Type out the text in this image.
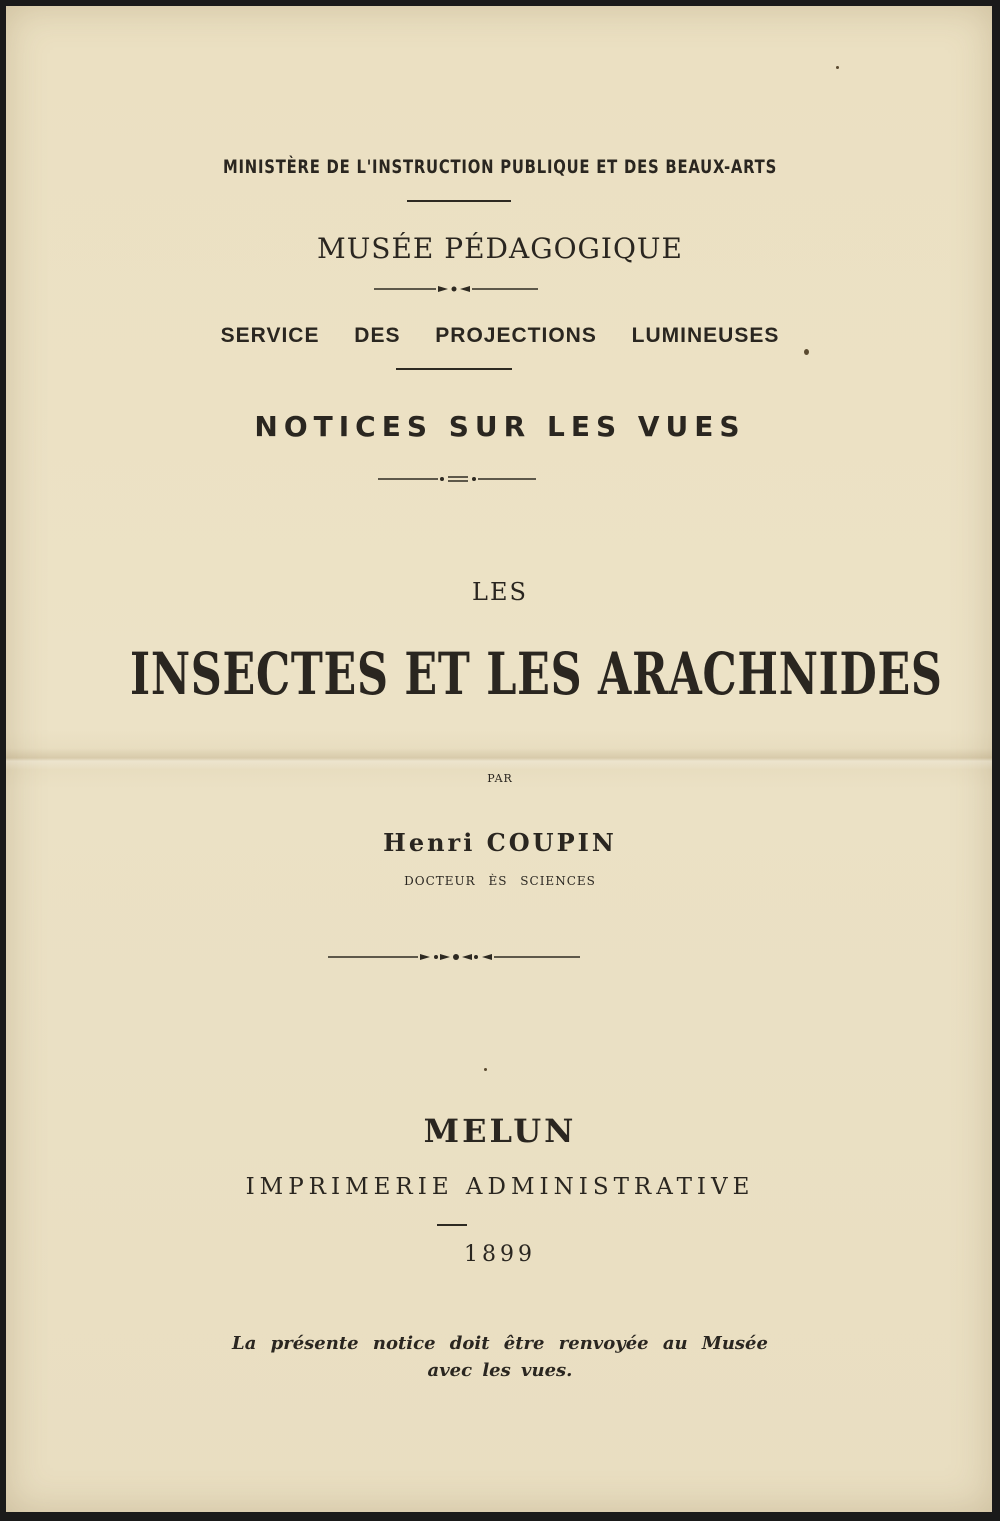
MINISTÈRE DE L'INSTRUCTION PUBLIQUE ET DES BEAUX-ARTS
MUSÉE PÉDAGOGIQUE
SERVICE DES PROJECTIONS LUMINEUSES
NOTICES SUR LES VUES
LES
INSECTES ET LES ARACHNIDES
PAR
Henri COUPIN
DOCTEUR ÈS SCIENCES
MELUN
IMPRIMERIE ADMINISTRATIVE
1899
La présente notice doit être renvoyée au Musée
avec les vues.
